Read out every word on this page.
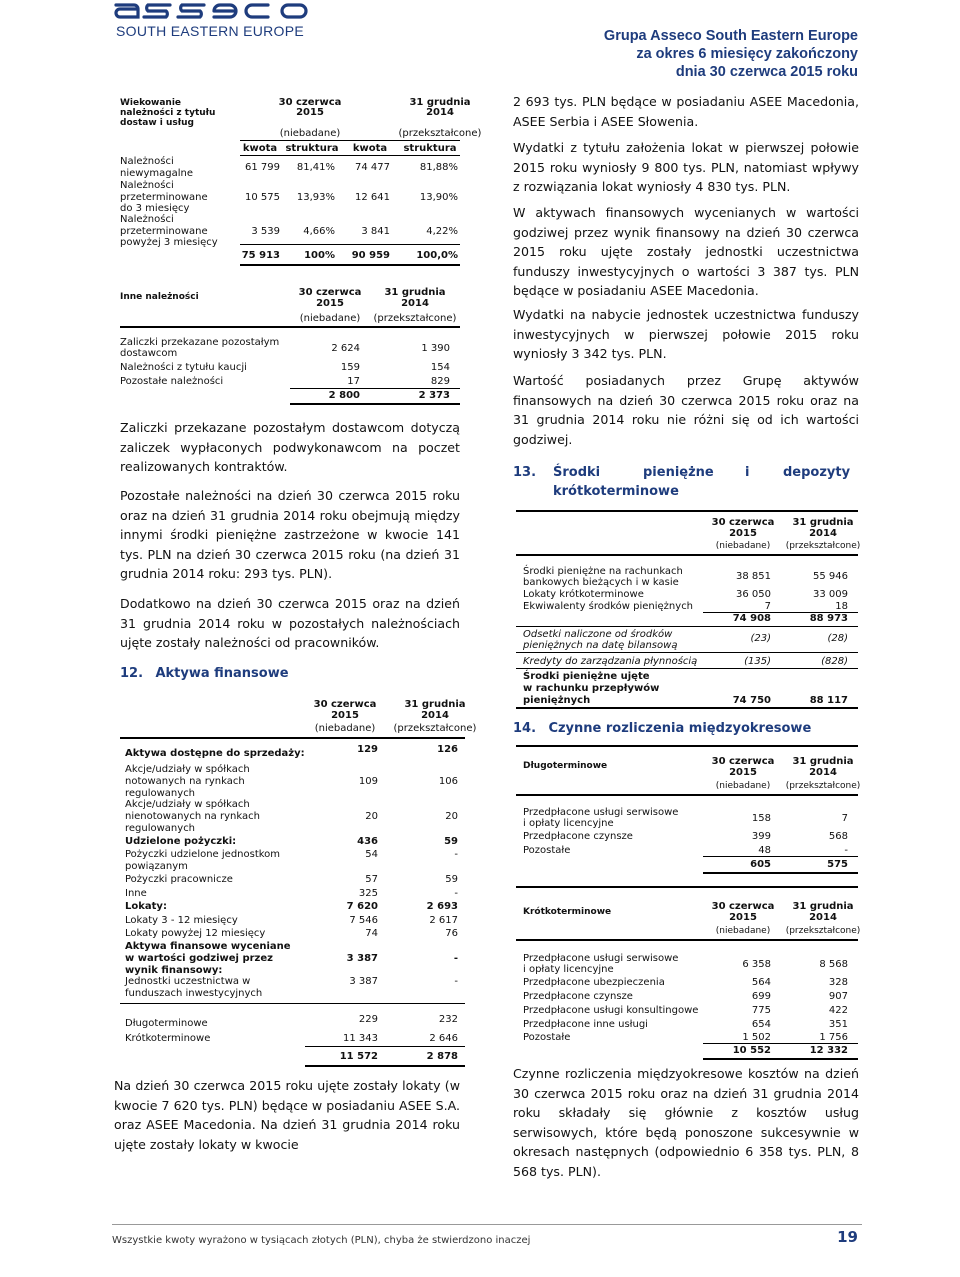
SOUTH EASTERN EUROPE	Grupa Asseco South Eastern Europe
za okres 6 miesięcy zakończony
dnia 30 czerwca 2015 roku
Wiekowanie
należności z tytułu
dostaw i usług
30 czerwca
2015
31 grudnia
2014
(niebadane)	(przekształcone)
kwota struktura	kwota	struktura
Należności
niewymagalne
61 799	81,41%	74 477	81,88%
Należności
przeterminowane
do 3 miesięcy
10 575	13,93%	12 641	13,90%
Należności
przeterminowane
powyżej 3 miesięcy
3 539	4,66%	3 841	4,22%
75 913	100%	90 959	100,0%
Inne należności	30 czerwca
2015
31 grudnia
2014
(niebadane)	(przekształcone)
Zaliczki przekazane pozostałym
dostawcom	2 624	1 390
Należności z tytułu kaucji	159	154
Pozostałe należności	17	829
2 800	2 373
Zaliczki przekazane pozostałym dostawcom dotyczą zaliczek wypłaconych podwykonawcom na poczet realizowanych kontraktów.
Pozostałe należności na dzień 30 czerwca 2015 roku oraz na dzień 31 grudnia 2014 roku obejmują między innymi środki pieniężne zastrzeżone w kwocie 141 tys. PLN na dzień 30 czerwca 2015 roku (na dzień 31 grudnia 2014 roku: 293 tys. PLN).
Dodatkowo na dzień 30 czerwca 2015 oraz na dzień 31 grudnia 2014 roku w pozostałych należnościach ujęte zostały należności od pracowników.
12. Aktywa finansowe
30 czerwca
2015
31 grudnia
2014
(niebadane)	(przekształcone)
Aktywa dostępne do sprzedaży:	129	126
Akcje/udziały w spółkach
notowanych na rynkach
regulowanych
109	106
Akcje/udziały w spółkach
nienotowanych na rynkach
regulowanych
20	20
Udzielone pożyczki:	436	59
Pożyczki udzielone jednostkom
powiązanym
54	-
Pożyczki pracownicze	57	59
Inne	325	-
Lokaty:	7 620	2 693
Lokaty 3 - 12 miesięcy	7 546	2 617
Lokaty powyżej 12 miesięcy	74	76
Aktywa finansowe wyceniane
w wartości godziwej przez
wynik finansowy:
3 387	-
Jednostki uczestnictwa w
funduszach inwestycyjnych
3 387	-
Długoterminowe	229	232
Krótkoterminowe	11 343	2 646
11 572	2 878
Na dzień 30 czerwca 2015 roku ujęte zostały lokaty (w kwocie 7 620 tys. PLN) będące w posiadaniu ASEE S.A. oraz ASEE Macedonia. Na dzień 31 grudnia 2014 roku ujęte zostały lokaty w kwocie
2 693 tys. PLN będące w posiadaniu ASEE Macedonia, ASEE Serbia i ASEE Słowenia.
Wydatki z tytułu założenia lokat w pierwszej połowie 2015 roku wyniosły 9 800 tys. PLN, natomiast wpływy z rozwiązania lokat wyniosły 4 830 tys. PLN.
W aktywach finansowych wycenianych w wartości godziwej przez wynik finansowy na dzień 30 czerwca 2015 roku ujęte zostały jednostki uczestnictwa funduszy inwestycyjnych o wartości 3 387 tys. PLN będące w posiadaniu ASEE Macedonia.
Wydatki na nabycie jednostek uczestnictwa funduszy inwestycyjnych w pierwszej połowie 2015 roku wyniosły 3 342 tys. PLN.
Wartość posiadanych przez Grupę aktywów finansowych na dzień 30 czerwca 2015 roku oraz na 31 grudnia 2014 roku nie różni się od ich wartości godziwej.
13. Środki	pieniężne i	depozyty
krótkoterminowe
30 czerwca
2015
31 grudnia
2014
(niebadane)	(przekształcone)
Środki pieniężne na rachunkach
bankowych bieżących i w kasie
38 851	55 946
Lokaty krótkoterminowe	36 050	33 009
Ekwiwalenty środków pieniężnych	7	18
74 908	88 973
Odsetki naliczone od środków
pieniężnych na datę bilansową
(23)	(28)
Kredyty do zarządzania płynnością	(135)	(828)
Środki pieniężne ujęte
w rachunku przepływów
pieniężnych	74 750	88 117
14. Czynne rozliczenia międzyokresowe
Długoterminowe	30 czerwca
2015
31 grudnia
2014
(niebadane)	(przekształcone)
Przedpłacone usługi serwisowe
i opłaty licencyjne	158	7
Przedpłacone czynsze	399	568
Pozostałe	48	-
605	575
Krótkoterminowe	30 czerwca
2015
31 grudnia
2014
(niebadane)	(przekształcone)
Przedpłacone usługi serwisowe
i opłaty licencyjne	6 358	8 568
Przedpłacone ubezpieczenia	564	328
Przedpłacone czynsze	699	907
Przedpłacone usługi konsultingowe	775	422
Przedpłacone inne usługi	654	351
Pozostałe	1 502	1 756
10 552	12 332
Czynne rozliczenia międzyokresowe kosztów na dzień 30 czerwca 2015 roku oraz na dzień 31 grudnia 2014 roku składały się głównie z kosztów usług serwisowych, które będą ponoszone sukcesywnie w okresach następnych (odpowiednio 6 358 tys. PLN, 8 568 tys. PLN).
Wszystkie kwoty wyrażono w tysiącach złotych (PLN), chyba że stwierdzono inaczej	19
